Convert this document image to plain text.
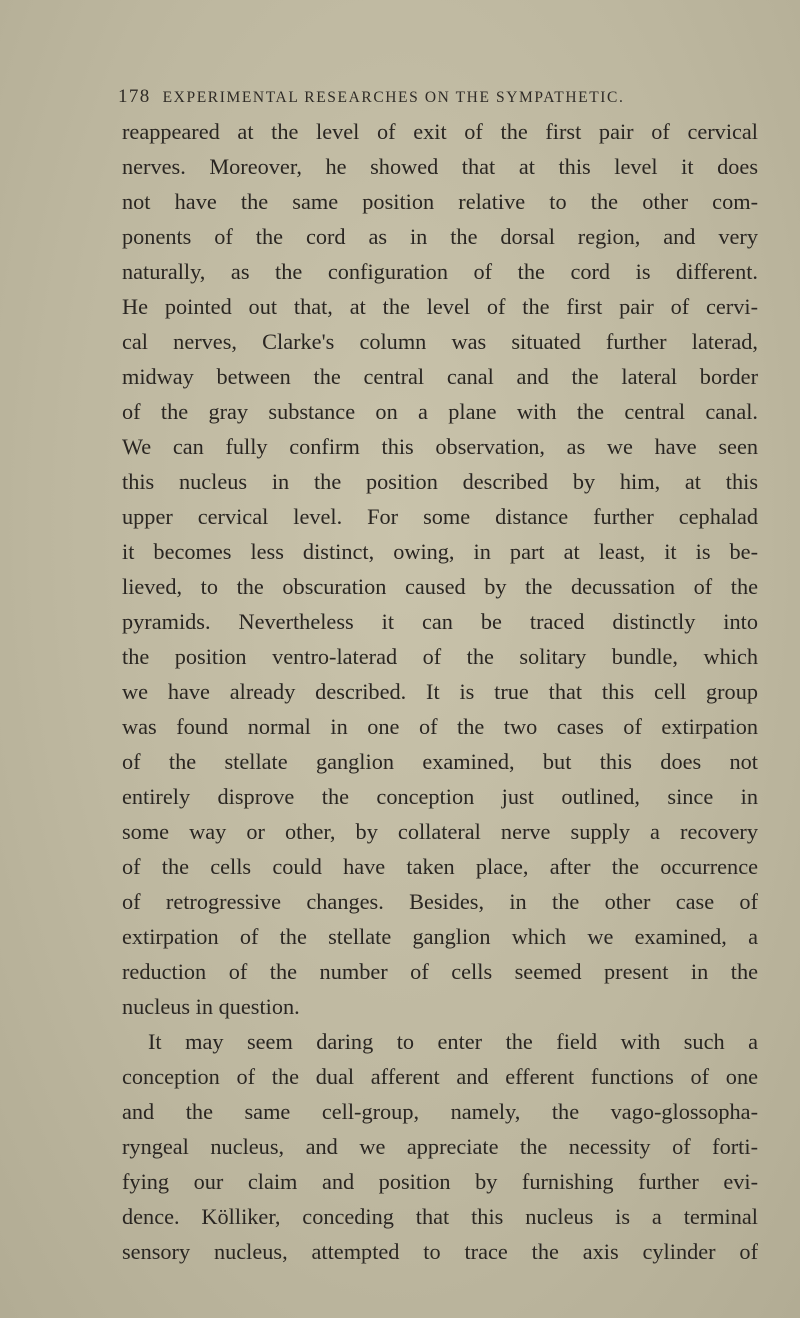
178 EXPERIMENTAL RESEARCHES ON THE SYMPATHETIC.
reappeared at the level of exit of the first pair of cervical
nerves. Moreover, he showed that at this level it does
not have the same position relative to the other com-
ponents of the cord as in the dorsal region, and very
naturally, as the configuration of the cord is different.
He pointed out that, at the level of the first pair of cervi-
cal nerves, Clarke's column was situated further laterad,
midway between the central canal and the lateral border
of the gray substance on a plane with the central canal.
We can fully confirm this observation, as we have seen
this nucleus in the position described by him, at this
upper cervical level. For some distance further cephalad
it becomes less distinct, owing, in part at least, it is be-
lieved, to the obscuration caused by the decussation of the
pyramids. Nevertheless it can be traced distinctly into
the position ventro-laterad of the solitary bundle, which
we have already described. It is true that this cell group
was found normal in one of the two cases of extirpation
of the stellate ganglion examined, but this does not
entirely disprove the conception just outlined, since in
some way or other, by collateral nerve supply a recovery
of the cells could have taken place, after the occurrence
of retrogressive changes. Besides, in the other case of
extirpation of the stellate ganglion which we examined, a
reduction of the number of cells seemed present in the
nucleus in question.
It may seem daring to enter the field with such a
conception of the dual afferent and efferent functions of one
and the same cell-group, namely, the vago-glossopha-
ryngeal nucleus, and we appreciate the necessity of forti-
fying our claim and position by furnishing further evi-
dence. Kölliker, conceding that this nucleus is a terminal
sensory nucleus, attempted to trace the axis cylinder of
